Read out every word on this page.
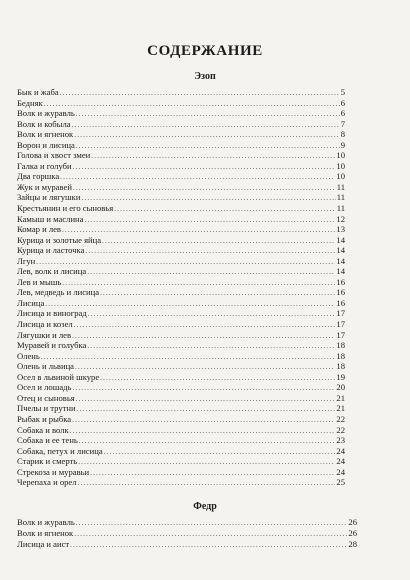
СОДЕРЖАНИЕ
Эзоп
Бык и жаба .....	5
Бедняк .....	6
Волк и журавль .....	6
Волк и кобыла .....	7
Волк и ягненок .....	8
Ворон и лисица .....	9
Голова и хвост змеи .....	10
Галка и голуби .....	10
Два горшка .....	10
Жук и муравей .....	11
Зайцы и лягушки .....	11
Крестьянин и его сыновья .....	11
Камыш и маслина .....	12
Комар и лев .....	13
Курица и золотые яйца .....	14
Курица и ласточка .....	14
Лгун .....	14
Лев, волк и лисица .....	14
Лев и мышь .....	16
Лев, медведь и лисица .....	16
Лисица .....	16
Лисица и виноград .....	17
Лисица и козел .....	17
Лягушки и лев .....	17
Муравей и голубка .....	18
Олень .....	18
Олень и львица .....	18
Осел в львиной шкуре .....	19
Осел и лошадь .....	20
Отец и сыновья .....	21
Пчелы и трутни .....	21
Рыбак и рыбка .....	22
Собака и волк .....	22
Собака и ее тень .....	23
Собака, петух и лисица .....	24
Старик и смерть .....	24
Стрекоза и муравьи .....	24
Черепаха и орел .....	25
Федр
Волк и журавль .....	26
Волк и ягненок .....	26
Лисица и аист .....	28
